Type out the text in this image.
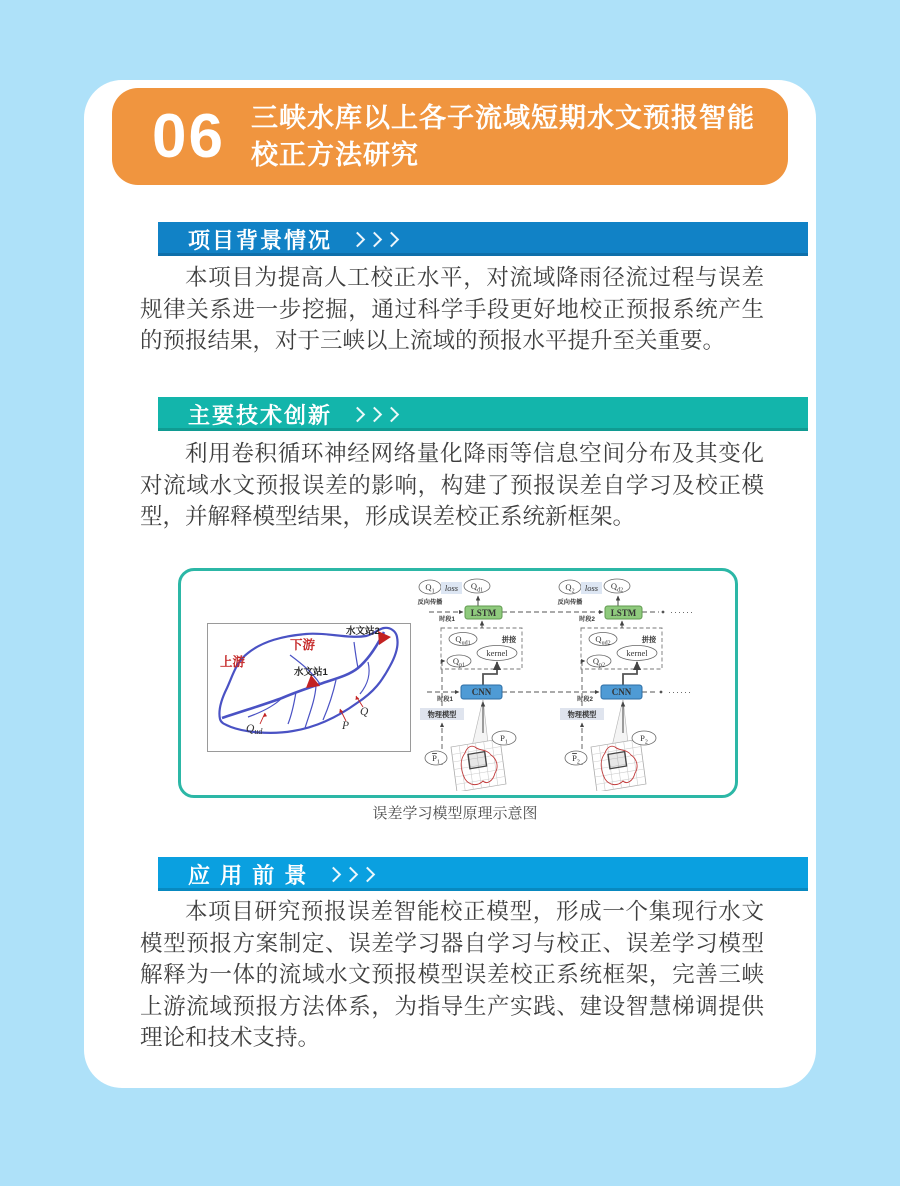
06 三峡水库以上各子流域短期水文预报智能
校正方法研究
项目背景情况

本项目为提高人工校正水平，对流域降雨径流过程与误差规律关系进一步挖掘，通过科学手段更好地校正预报系统产生的预报结果，对于三峡以上流域的预报水平提升至关重要。

主要技术创新

利用卷积循环神经网络量化降雨等信息空间分布及其变化对流域水文预报误差的影响，构建了预报误差自学习及校正模型，并解释模型结果，形成误差校正系统新框架。

上游
下游
水文站2
水文站1
Qud	P
Q
······
······
$Q_1$
反向传播
loss $Q_{d1}$
LSTM
时段1
拼接
$Q_{ud1}$
kernel
$Q_{p1}$
CNN
时段1
物理模型
$P_1$
$P_1$
$Q_2$
反向传播
loss $Q_{d2}$
LSTM
时段2
拼接
$Q_{ud2}$
kernel
$Q_{p2}$
CNN
时段2
物理模型
$P_2$
$P_2$
误差学习模型原理示意图
应 用 前 景

本项目研究预报误差智能校正模型，形成一个集现行水文模型预报方案制定、误差学习器自学习与校正、误差学习模型解释为一体的流域水文预报模型误差校正系统框架，完善三峡上游流域预报方法体系，为指导生产实践、建设智慧梯调提供理论和技术支持。
